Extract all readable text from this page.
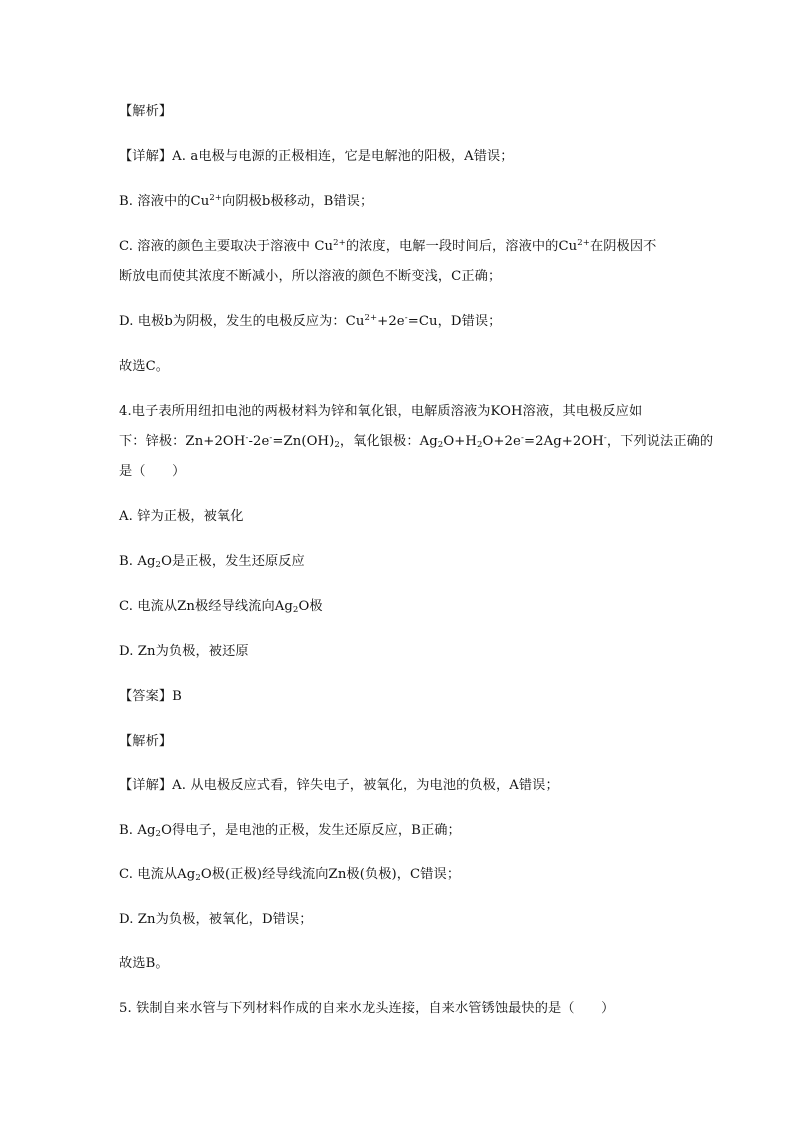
【解析】
【详解】A. a电极与电源的正极相连，它是电解池的阳极，A错误；
B. 溶液中的$Cu^{2+}$向阴极b极移动，B错误；
C. 溶液的颜色主要取决于溶液中 $Cu^{2+}$的浓度，电解一段时间后，溶液中的$Cu^{2+}$在阴极因不
断放电而使其浓度不断减小，所以溶液的颜色不断变浅，C正确；
D. 电极b为阴极，发生的电极反应为：$Cu^{2+}+2e^-=Cu$，D错误；
故选C。
4.电子表所用纽扣电池的两极材料为锌和氧化银，电解质溶液为KOH溶液，其电极反应如
下：锌极：$Zn+2OH^--2e^-=Zn(OH)_2$，氧化银极：$Ag_2O+H_2O+2e^-=2Ag+2OH^-$，下列说法正确的
是（　　）
A. 锌为正极，被氧化
B. $Ag_2O$是正极，发生还原反应
C. 电流从Zn极经导线流向$Ag_2O$极
D. Zn为负极，被还原
【答案】B
【解析】
【详解】A. 从电极反应式看，锌失电子，被氧化，为电池的负极，A错误；
B. $Ag_2O$得电子，是电池的正极，发生还原反应，B正确；
C. 电流从$Ag_2O$极(正极)经导线流向Zn极(负极)，C错误；
D. Zn为负极，被氧化，D错误；
故选B。
5. 铁制自来水管与下列材料作成的自来水龙头连接，自来水管锈蚀最快的是（　　）
